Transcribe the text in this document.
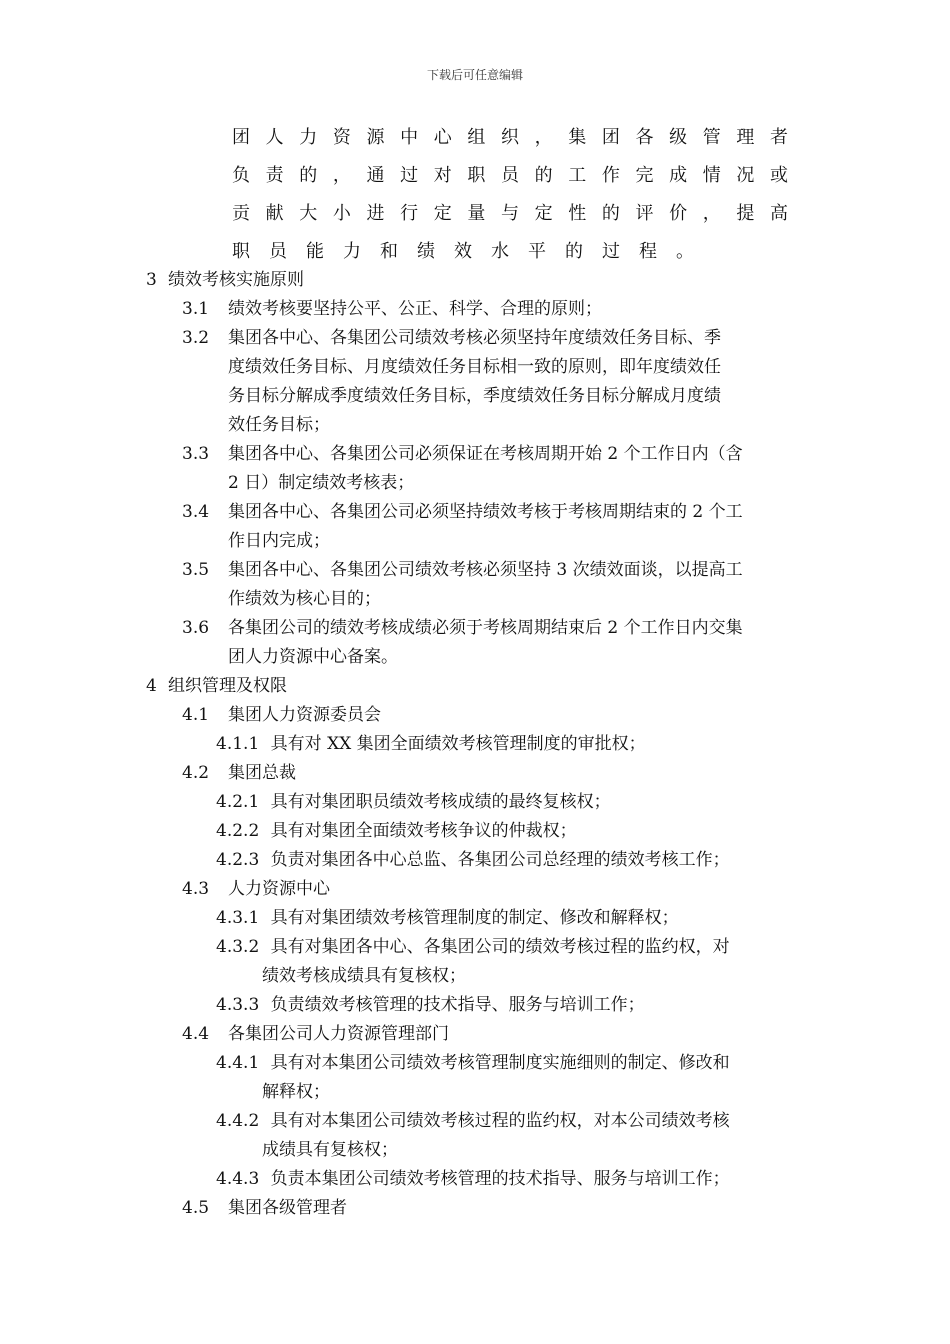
下载后可任意编辑
团人力资源中心组织，集团各级管理者
负责的，通过对职员的工作完成情况或
贡献大小进行定量与定性的评价，提高
职员能力和绩效水平的过程。
3 绩效考核实施原则
3.1 绩效考核要坚持公平、公正、科学、合理的原则；
3.2 集团各中心、各集团公司绩效考核必须坚持年度绩效任务目标、季
度绩效任务目标、月度绩效任务目标相一致的原则，即年度绩效任
务目标分解成季度绩效任务目标，季度绩效任务目标分解成月度绩
效任务目标；
3.3 集团各中心、各集团公司必须保证在考核周期开始 2 个工作日内（含
2 日）制定绩效考核表；
3.4 集团各中心、各集团公司必须坚持绩效考核于考核周期结束的 2 个工
作日内完成；
3.5 集团各中心、各集团公司绩效考核必须坚持 3 次绩效面谈，以提高工
作绩效为核心目的；
3.6 各集团公司的绩效考核成绩必须于考核周期结束后 2 个工作日内交集
团人力资源中心备案。
4 组织管理及权限
4.1 集团人力资源委员会
4.1.1 具有对 XX 集团全面绩效考核管理制度的审批权；
4.2 集团总裁
4.2.1 具有对集团职员绩效考核成绩的最终复核权；
4.2.2 具有对集团全面绩效考核争议的仲裁权；
4.2.3 负责对集团各中心总监、各集团公司总经理的绩效考核工作；
4.3 人力资源中心
4.3.1 具有对集团绩效考核管理制度的制定、修改和解释权；
4.3.2 具有对集团各中心、各集团公司的绩效考核过程的监约权，对
绩效考核成绩具有复核权；
4.3.3 负责绩效考核管理的技术指导、服务与培训工作；
4.4 各集团公司人力资源管理部门
4.4.1 具有对本集团公司绩效考核管理制度实施细则的制定、修改和
解释权；
4.4.2 具有对本集团公司绩效考核过程的监约权，对本公司绩效考核
成绩具有复核权；
4.4.3 负责本集团公司绩效考核管理的技术指导、服务与培训工作；
4.5 集团各级管理者
